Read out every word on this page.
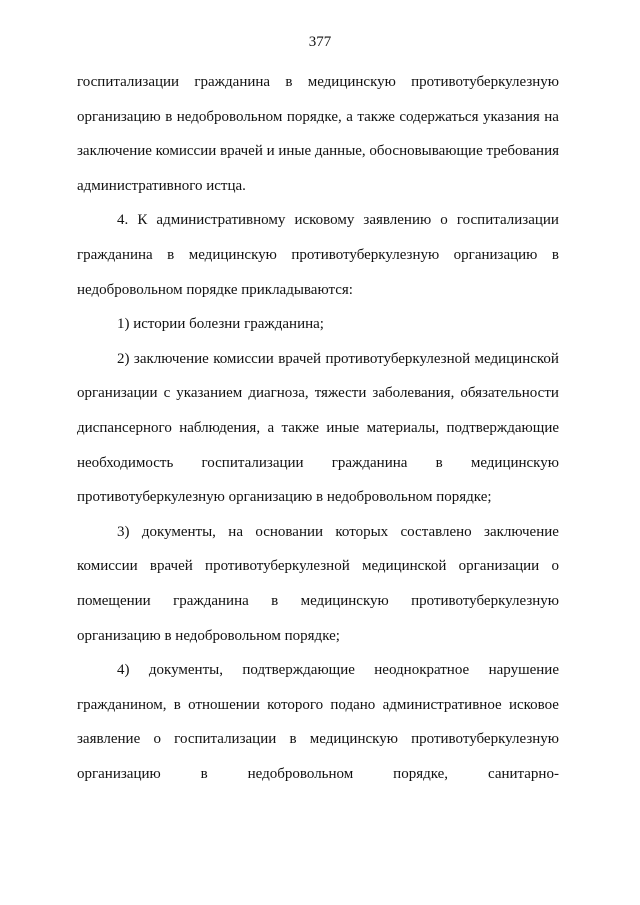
377
госпитализации гражданина в медицинскую противотуберкулезную
организацию в недобровольном порядке, а также содержаться указания на
заключение комиссии врачей и иные данные, обосновывающие требования
административного истца.
4. К административному исковому заявлению о госпитализации
гражданина в медицинскую противотуберкулезную организацию в
недобровольном порядке прикладываются:
1) истории болезни гражданина;
2) заключение комиссии врачей противотуберкулезной медицинской
организации с указанием диагноза, тяжести заболевания, обязательности
диспансерного наблюдения, а также иные материалы, подтверждающие
необходимость госпитализации гражданина в медицинскую
противотуберкулезную организацию в недобровольном порядке;
3) документы, на основании которых составлено заключение
комиссии врачей противотуберкулезной медицинской организации о
помещении гражданина в медицинскую противотуберкулезную
организацию в недобровольном порядке;
4) документы, подтверждающие неоднократное нарушение
гражданином, в отношении которого подано административное исковое
заявление о госпитализации в медицинскую противотуберкулезную
организацию	в	недобровольном	порядке,	санитарно-
